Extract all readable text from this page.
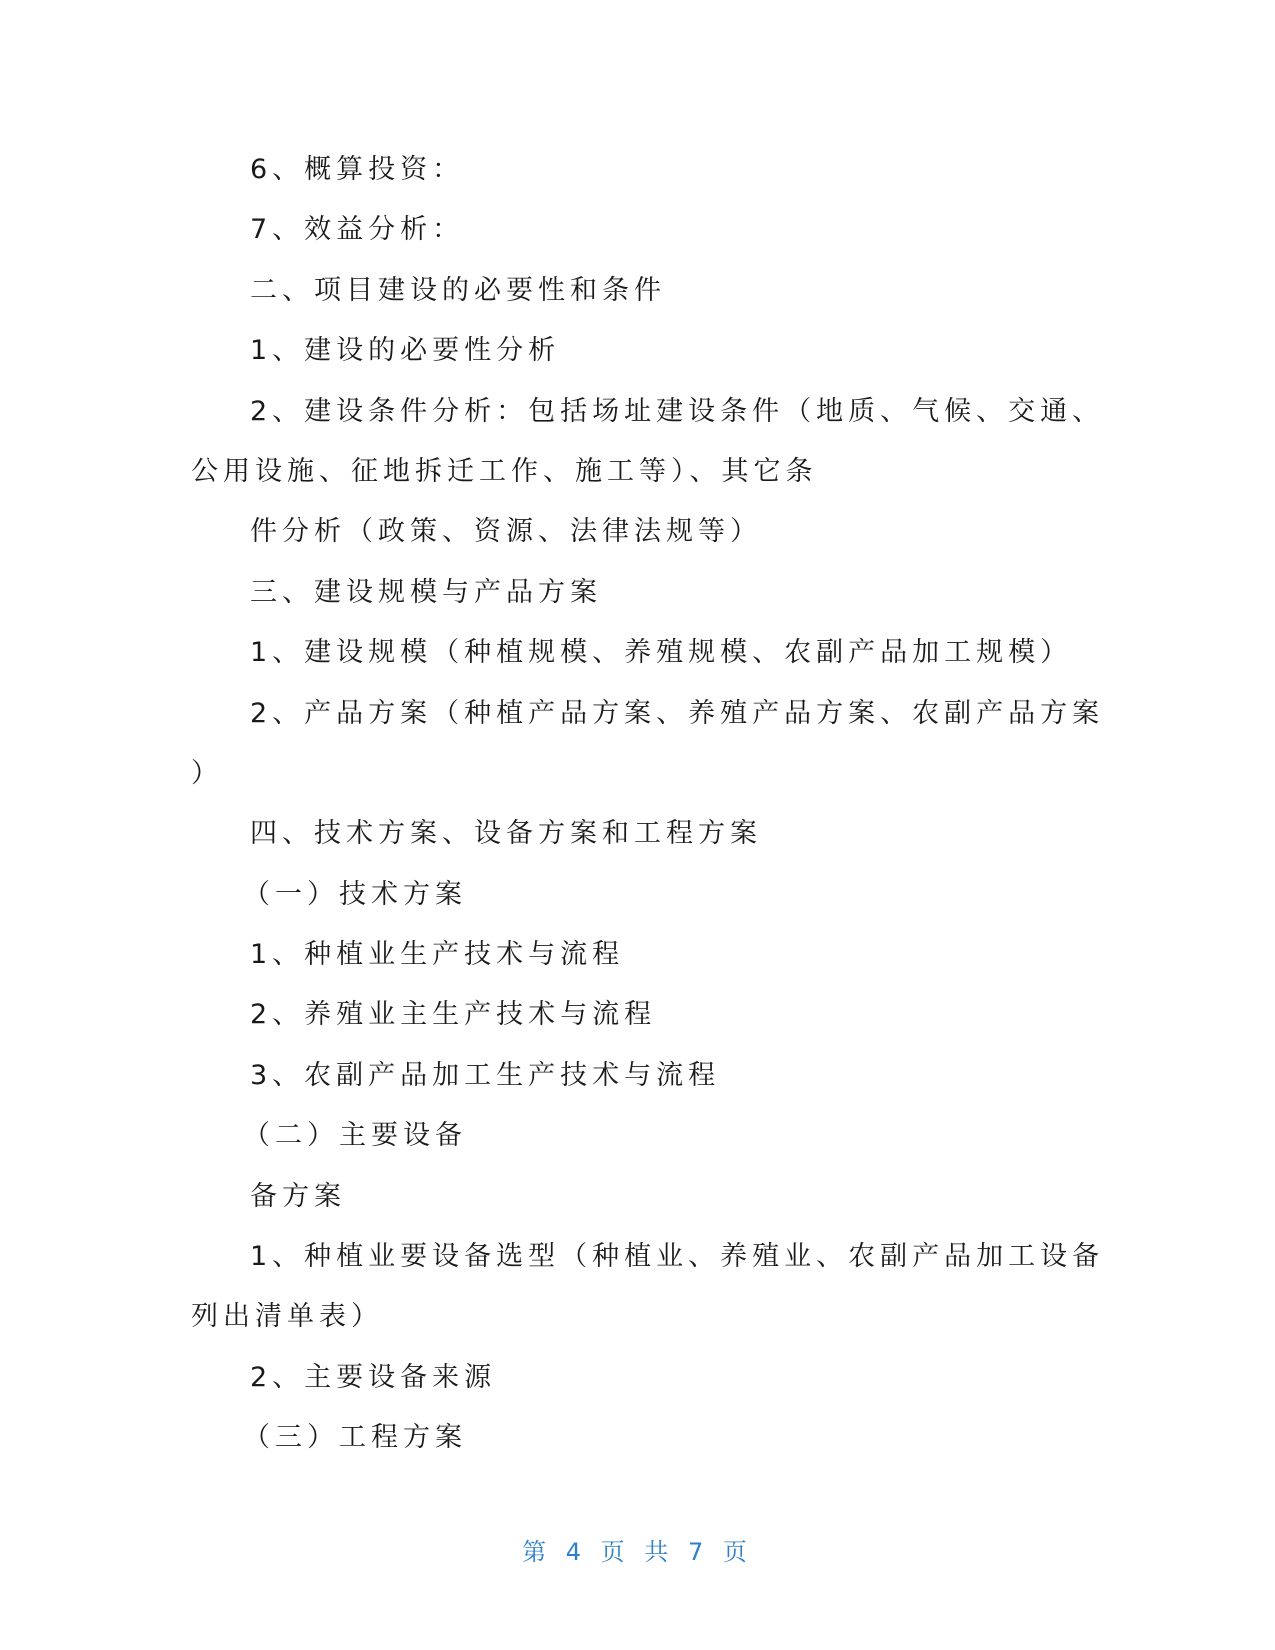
6、概算投资：
7、效益分析：
二、项目建设的必要性和条件
1、建设的必要性分析
2、建设条件分析：包括场址建设条件（地质、气候、交通、
公用设施、征地拆迁工作、施工等）、其它条
件分析（政策、资源、法律法规等）
三、建设规模与产品方案
1、建设规模（种植规模、养殖规模、农副产品加工规模）
2、产品方案（种植产品方案、养殖产品方案、农副产品方案
）
四、技术方案、设备方案和工程方案
（一）技术方案
1、种植业生产技术与流程
2、养殖业主生产技术与流程
3、农副产品加工生产技术与流程
（二）主要设备
备方案
1、种植业要设备选型（种植业、养殖业、农副产品加工设备
列出清单表）
2、主要设备来源
（三）工程方案
第 4 页 共 7 页
